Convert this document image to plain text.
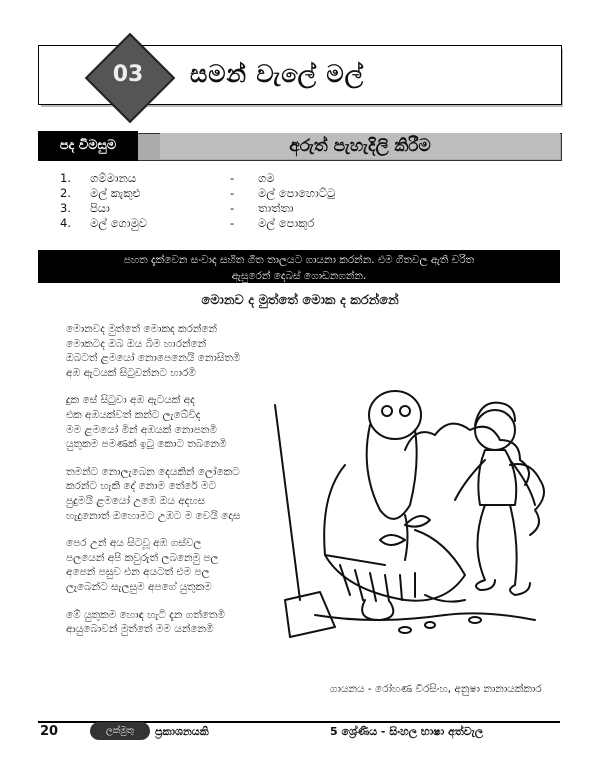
03	සමන් වැලේ මල්
පද විමසුම	අරුත් පැහැදිලි කිරීම
1.	ගම්මානය	-	ගම
2.	මල් කැකුළු	-	මල් පොහොට්ටු
3.	පියා	-	තාත්තා
4.	මල් ගොමුව	-	මල් පොකුර
පහත දැක්වෙන සංවාද සහිත ගීත තාලයට ගායනා කරන්න. එම ගීතවල ඇති චරිත
ඇසුරෙන් දෙබස් ගොඩනගන්න.
මොනව ද මුත්තේ මොක ද කරන්නේ
මොනවද මුත්තේ මොකද කරන්නේ
මොකටද ඔබ ඔය බිම හාරන්නේ
ඔබටත් ළමයෝ නොපෙනෙයි නොසිතමි
අඹ ඇටයක් සිටුවන්නට හාරමි
දුක සේ සිටුවා අඹ ඇටයක් අද
එක අඹයක්වත් කන්ට ලැබේවිද
මම ළමයෝ මින් අඹයක් නොපතමි
යුතුකම පමණක් ඉටු කොට තබනෙමි
තමන්ට නොලැබෙන දෙයකින් ලෝකෙට
කරන්ට හැකි දේ නොම තේරේ මට
පුදුමයි ළමයෝ උඹෙ ඔය අදහස
හැදුනොත් ඔහොමට උඹට ම වෙයි දොස
පෙර උන් අය සිටවූ අඹ ගස්වල
පලයෙන් අපි කවුරුත් ලබනෙමු පල
අපෙන් පසුව එන අයටත් එම පල
ලැබෙන්ට සැලසුම අපගේ යුතුකම
මේ යුතුකම හොඳ හැටි දැන ගත්තෙමි
ආයුබොවන් මුත්තේ මම යන්නෙමි
ගායනය - රෝහණ වීරසිංහ, අනුෂා නානායක්කාර
20	ලක්මුතු	ප්‍රකාශනයකි	5 ශ්‍රේණිය - සිංහල භාෂා අත්වැල
